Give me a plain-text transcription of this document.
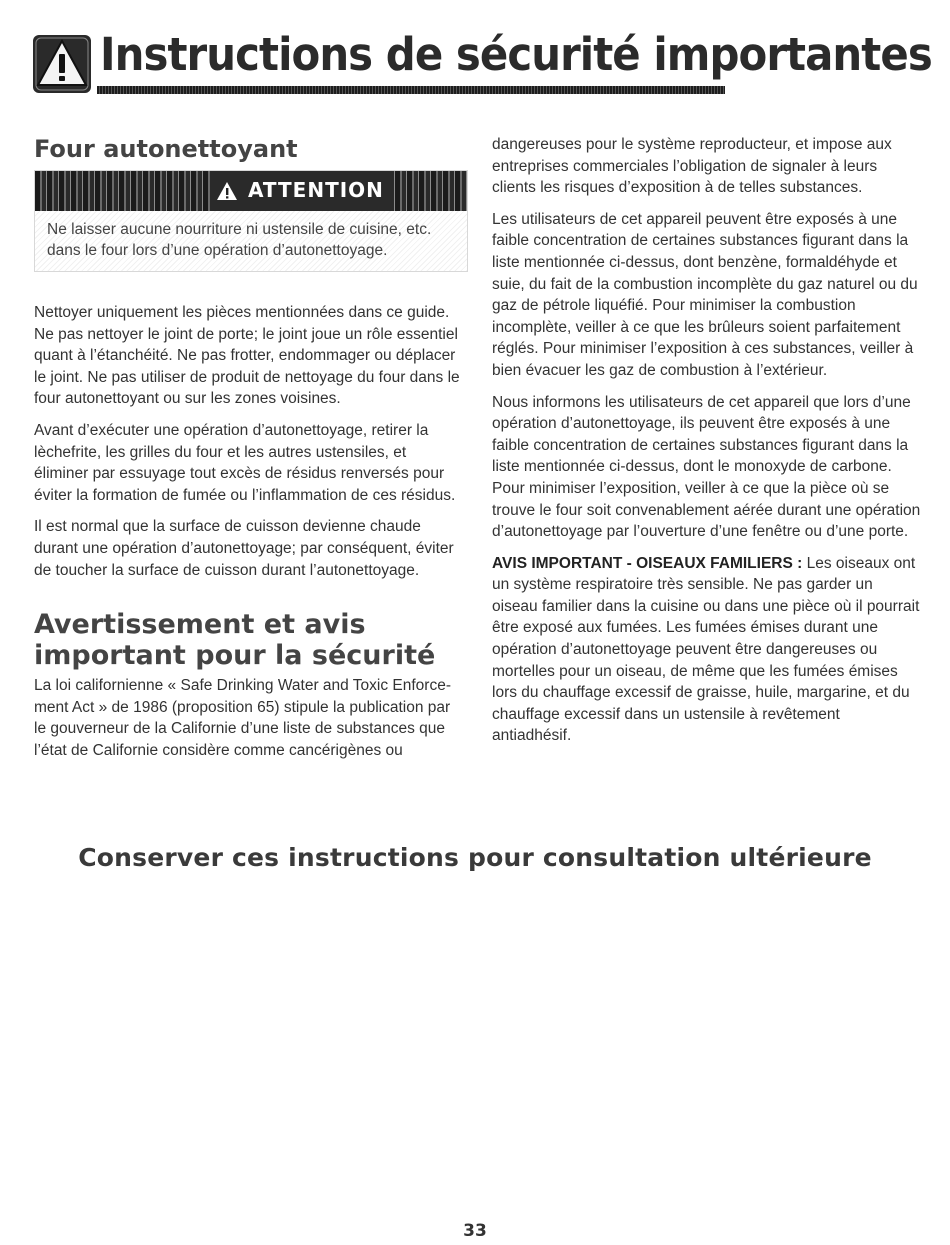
Instructions de sécurité importantes
Four autonettoyant
ATTENTION
Ne laisser aucune nourriture ni ustensile de cuisine, etc. dans le four lors d’une opération d’autonettoyage.

Nettoyer uniquement les pièces mentionnées dans ce guide. Ne pas nettoyer le joint de porte; le joint joue un rôle essentiel quant à l’étanchéité. Ne pas frotter, endommager ou déplacer le joint. Ne pas utiliser de produit de nettoyage du four dans le four autonettoyant ou sur les zones voisines.

Avant d’exécuter une opération d’autonettoyage, retirer la lèchefrite, les grilles du four et les autres ustensiles, et éliminer par essuyage tout excès de résidus renversés pour éviter la formation de fumée ou l’inflammation de ces résidus.

Il est normal que la surface de cuisson devienne chaude durant une opération d’autonettoyage; par conséquent, éviter de toucher la surface de cuisson durant l’autonettoyage.

Avertissement et avis important pour la sécurité

La loi californienne « Safe Drinking Water and Toxic Enforce-ment Act » de 1986 (proposition 65) stipule la publication par le gouverneur de la Californie d’une liste de substances que l’état de Californie considère comme cancérigènes ou

dangereuses pour le système reproducteur, et impose aux entreprises commerciales l’obligation de signaler à leurs clients les risques d’exposition à de telles substances.

Les utilisateurs de cet appareil peuvent être exposés à une faible concentration de certaines substances figurant dans la liste mentionnée ci-dessus, dont benzène, formaldéhyde et suie, du fait de la combustion incomplète du gaz naturel ou du gaz de pétrole liquéfié. Pour minimiser la combustion incomplète, veiller à ce que les brûleurs soient parfaitement réglés. Pour minimiser l’exposition à ces substances, veiller à bien évacuer les gaz de combustion à l’extérieur.

Nous informons les utilisateurs de cet appareil que lors d’une opération d’autonettoyage, ils peuvent être exposés à une faible concentration de certaines substances figurant dans la liste mentionnée ci-dessus, dont le monoxyde de carbone. Pour minimiser l’exposition, veiller à ce que la pièce où se trouve le four soit convenablement aérée durant une opération d’autonettoyage par l’ouverture d’une fenêtre ou d’une porte.

AVIS IMPORTANT - OISEAUX FAMILIERS : Les oiseaux ont un système respiratoire très sensible. Ne pas garder un oiseau familier dans la cuisine ou dans une pièce où il pourrait être exposé aux fumées. Les fumées émises durant une opération d’autonettoyage peuvent être dangereuses ou mortelles pour un oiseau, de même que les fumées émises lors du chauffage excessif de graisse, huile, margarine, et du chauffage excessif dans un ustensile à revêtement antiadhésif.

Conserver ces instructions pour consultation ultérieure
33
